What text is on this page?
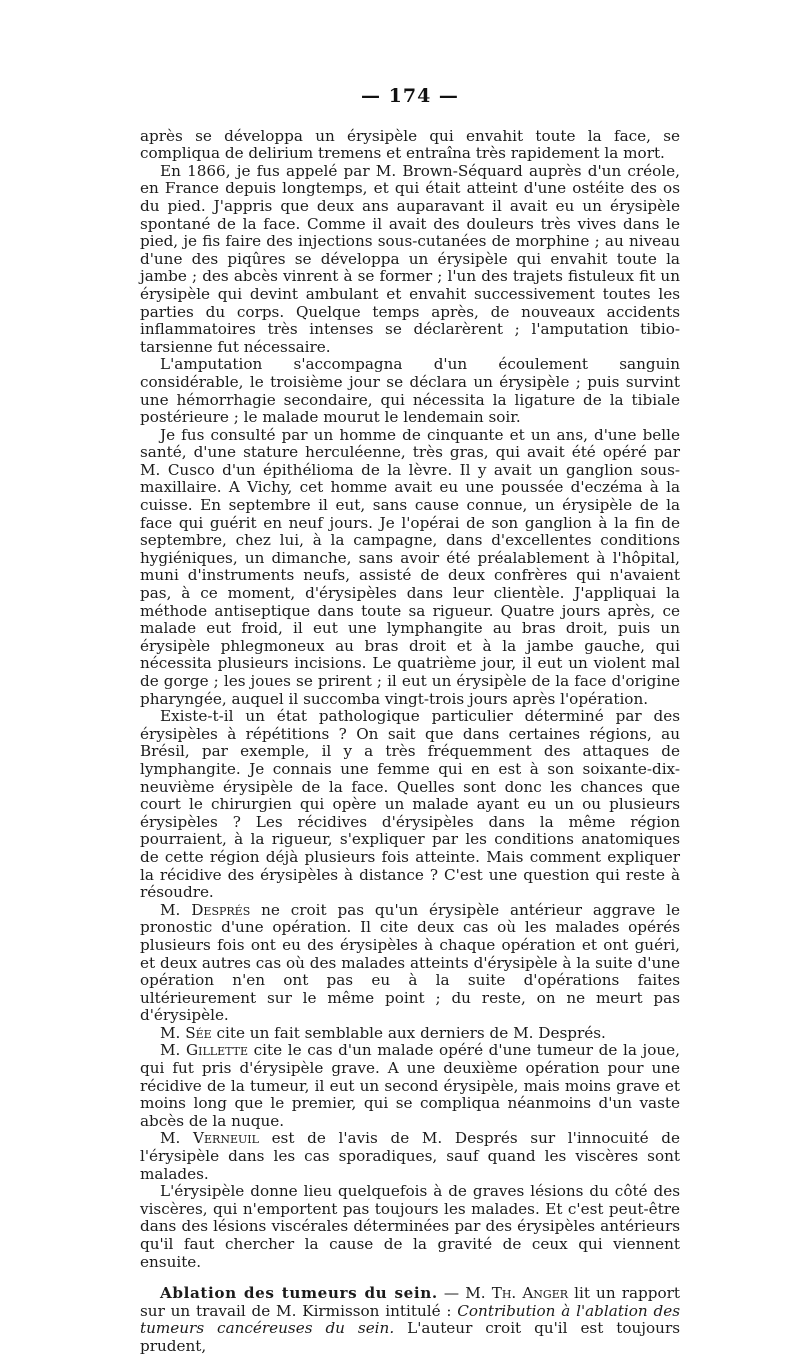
— 174 —

après se développa un érysipèle qui envahit toute la face, se compliqua de delirium tremens et entraîna très rapidement la mort.

En 1866, je fus appelé par M. Brown-Séquard auprès d'un créole, en France depuis longtemps, et qui était atteint d'une ostéite des os du pied. J'appris que deux ans auparavant il avait eu un érysipèle spontané de la face. Comme il avait des douleurs très vives dans le pied, je fis faire des injections sous-cutanées de morphine ; au niveau d'une des piqûres se développa un érysipèle qui envahit toute la jambe ; des abcès vinrent à se former ; l'un des trajets fistuleux fit un érysipèle qui devint ambulant et envahit successivement toutes les parties du corps. Quelque temps après, de nouveaux accidents inflammatoires très intenses se déclarèrent ; l'amputation tibio-tarsienne fut nécessaire.

L'amputation s'accompagna d'un écoulement sanguin considérable, le troisième jour se déclara un érysipèle ; puis survint une hémorrhagie secondaire, qui nécessita la ligature de la tibiale postérieure ; le malade mourut le lendemain soir.

Je fus consulté par un homme de cinquante et un ans, d'une belle santé, d'une stature herculéenne, très gras, qui avait été opéré par M. Cusco d'un épithélioma de la lèvre. Il y avait un ganglion sous-maxillaire. A Vichy, cet homme avait eu une poussée d'eczéma à la cuisse. En septembre il eut, sans cause connue, un érysipèle de la face qui guérit en neuf jours. Je l'opérai de son ganglion à la fin de septembre, chez lui, à la campagne, dans d'excellentes conditions hygiéniques, un dimanche, sans avoir été préalablement à l'hôpital, muni d'instruments neufs, assisté de deux confrères qui n'avaient pas, à ce moment, d'érysipèles dans leur clientèle. J'appliquai la méthode antiseptique dans toute sa rigueur. Quatre jours après, ce malade eut froid, il eut une lymphangite au bras droit, puis un érysipèle phlegmoneux au bras droit et à la jambe gauche, qui nécessita plusieurs incisions. Le quatrième jour, il eut un violent mal de gorge ; les joues se prirent ; il eut un érysipèle de la face d'origine pharyngée, auquel il succomba vingt-trois jours après l'opération.

Existe-t-il un état pathologique particulier déterminé par des érysipèles à répétitions ? On sait que dans certaines régions, au Brésil, par exemple, il y a très fréquemment des attaques de lymphangite. Je connais une femme qui en est à son soixante-dix-neuvième érysipèle de la face. Quelles sont donc les chances que court le chirurgien qui opère un malade ayant eu un ou plusieurs érysipèles ? Les récidives d'érysipèles dans la même région pourraient, à la rigueur, s'expliquer par les conditions anatomiques de cette région déjà plusieurs fois atteinte. Mais comment expliquer la récidive des érysipèles à distance ? C'est une question qui reste à résoudre.

M. Després ne croit pas qu'un érysipèle antérieur aggrave le pronostic d'une opération. Il cite deux cas où les malades opérés plusieurs fois ont eu des érysipèles à chaque opération et ont guéri, et deux autres cas où des malades atteints d'érysipèle à la suite d'une opération n'en ont pas eu à la suite d'opérations faites ultérieurement sur le même point ; du reste, on ne meurt pas d'érysipèle.

M. Sée cite un fait semblable aux derniers de M. Després.

M. Gillette cite le cas d'un malade opéré d'une tumeur de la joue, qui fut pris d'érysipèle grave. A une deuxième opération pour une récidive de la tumeur, il eut un second érysipèle, mais moins grave et moins long que le premier, qui se compliqua néanmoins d'un vaste abcès de la nuque.

M. Verneuil est de l'avis de M. Després sur l'innocuité de l'érysipèle dans les cas sporadiques, sauf quand les viscères sont malades.

L'érysipèle donne lieu quelquefois à de graves lésions du côté des viscères, qui n'emportent pas toujours les malades. Et c'est peut-être dans des lésions viscérales déterminées par des érysipèles antérieurs qu'il faut chercher la cause de la gravité de ceux qui viennent ensuite.

Ablation des tumeurs du sein. — M. Th. Anger lit un rapport sur un travail de M. Kirmisson intitulé : Contribution à l'ablation des tumeurs cancéreuses du sein. L'auteur croit qu'il est toujours prudent,
